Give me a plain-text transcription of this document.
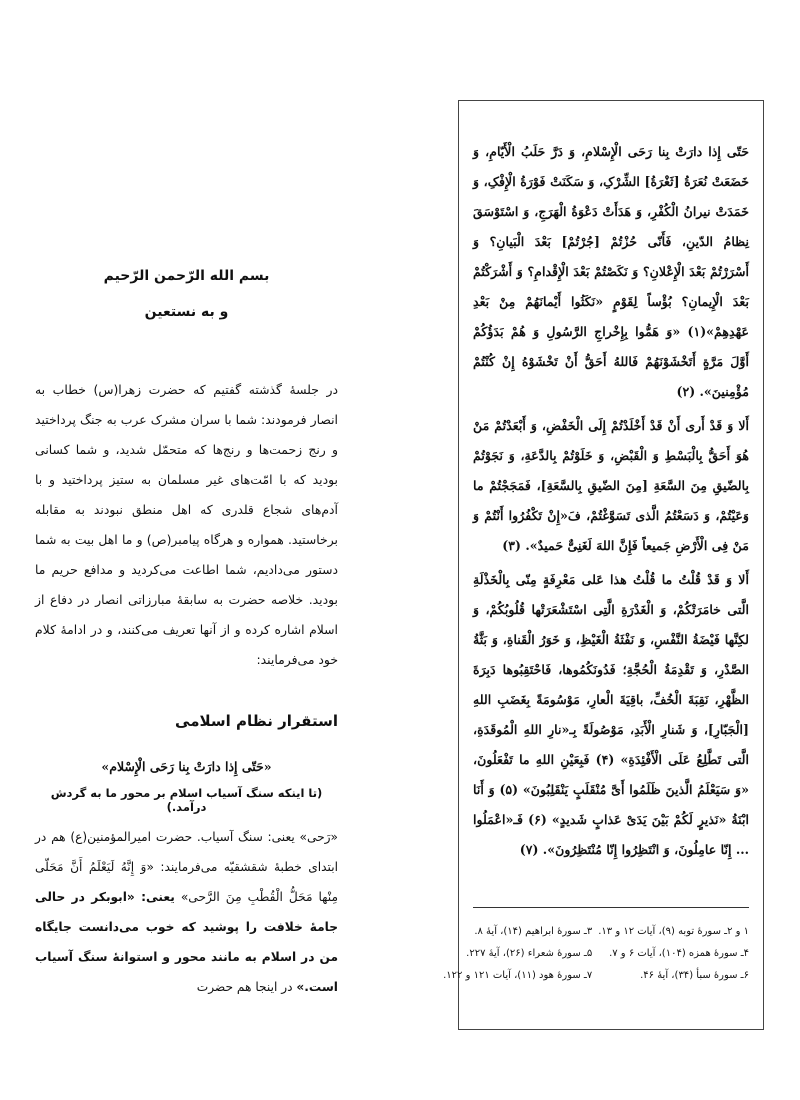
بسم الله الرّحمن الرّحيم
و به نستعين

در جلسهٔ گذشته گفتیم که حضرت زهرا(س) خطاب به انصار فرمودند: شما با سران مشرک عرب به جنگ پرداختید و رنج زحمت‌ها و رنج‌ها که متحمّل شدید، و شما کسانی بودید که با امّت‌های غیر مسلمان به ستیز پرداختید و با آدم‌های شجاع قلدری که اهل منطق نبودند به مقابله برخاستید. همواره و هرگاه پیامبر(ص) و ما اهل بیت به شما دستور می‌دادیم، شما اطاعت می‌کردید و مدافع حریم ما بودید. خلاصه حضرت به سابقهٔ مبارزاتی انصار در دفاع از اسلام اشاره کرده و از آنها تعریف می‌کنند، و در ادامهٔ کلام خود می‌فرمایند:

استقرار نظام اسلامی
«حَتّی إِذا دارَتْ بِنا رَحَی الْإِسْلام»
(تا اینکه سنگ آسیاب اسلام بر محور ما به گردش درآمد.)
«رَحی» یعنی: سنگ آسیاب. حضرت امیرالمؤمنین(ع) هم در ابتدای خطبهٔ شقشقیّه می‌فرمایند: «وَ إِنَّهُ لَیَعْلَمُ أَنَّ مَحَلّی مِنْها مَحَلُّ الْقُطْبِ مِنَ الرَّحی» یعنی: «ابوبکر در حالی جامهٔ خلافت را پوشید که خوب می‌دانست جایگاه من در اسلام به مانند محور و استوانهٔ سنگ آسیاب است.» در اینجا هم حضرت

حَتّی إِذا دارَتْ بِنا رَحَی الْإِسْلامِ، وَ دَرَّ حَلَبُ الْأَیّامِ، وَ خَضَعَتْ نُعَرَةُ [ثَغْرَةُ] الشِّرْکِ، وَ سَکَنَتْ فَوْرَةُ الْإِفْکِ، وَ خَمَدَتْ نیرانُ الْکُفْرِ، وَ هَدَأَتْ دَعْوَةُ الْهَرَجِ، وَ اسْتَوْسَقَ نِظامُ الدّینِ، فَأَنّی حُزْتُمْ [جُرْتُمْ] بَعْدَ الْبَیانِ؟ وَ أَسْرَرْتُمْ بَعْدَ الْإِعْلانِ؟ وَ نَکَصْتُمْ بَعْدَ الْإِقْدامِ؟ وَ أَشْرَکْتُمْ بَعْدَ الْإِیمانِ؟ بُؤْساً لِقَوْمٍ «نَکَثُوا أَیْمانَهُمْ مِنْ بَعْدِ عَهْدِهِمْ»(۱) «وَ هَمُّوا بِإِخْراجِ الرَّسُولِ وَ هُمْ بَدَؤُکُمْ أَوَّلَ مَرَّةٍ أَتَخْشَوْنَهُمْ فَاللهُ أَحَقُّ أَنْ تَخْشَوْهُ إِنْ کُنْتُمْ مُؤْمِنینَ». (۲)

أَلا وَ قَدْ أَری أَنْ قَدْ أَخْلَدْتُمْ إِلَی الْخَفْضِ، وَ أَبْعَدْتُمْ مَنْ هُوَ أَحَقُّ بِالْبَسْطِ وَ الْقَبْضِ، وَ خَلَوْتُمْ بِالدَّعَةِ، وَ نَجَوْتُمْ بِالضّیقِ مِنَ السَّعَةِ [مِنَ الضّیقِ بِالسَّعَةِ]، فَمَجَجْتُمْ ما وَعَیْتُمْ، وَ دَسَعْتُمُ الَّذی تَسَوَّغْتُمْ، فَ«إِنْ تَکْفُرُوا أَنْتُمْ وَ مَنْ فِی الْأَرْضِ جَمیعاً فَإِنَّ اللهَ لَغَنِیٌّ حَمیدٌ». (۳)

أَلا وَ قَدْ قُلْتُ ما قُلْتُ هذا عَلی مَعْرِفَةٍ مِنّی بِالْخَذْلَةِ الَّتی خامَرَتْکُمْ، وَ الْغَدْرَةِ الَّتِی اسْتَشْعَرَتْها قُلُوبُکُمْ، وَ لکِنَّها فَیْضَةُ النَّفْسِ، وَ نَفْثَةُ الْغَیْظِ، وَ خَوَرُ الْقَناةِ، وَ بَثَّةُ الصَّدْرِ، وَ تَقْدِمَةُ الْحُجَّةِ؛ فَدُونَکُمُوها، فَاحْتَقِبُوها دَبِرَةَ الظَّهْرِ، نَقِبَةَ الْخُفِّ، باقِیَةَ الْعارِ، مَوْسُومَةً بِغَضَبِ اللهِ [الْجَبّارِ]، وَ شَنارِ الْأَبَدِ، مَوْصُولَةً بِـ«نارِ اللهِ الْمُوقَدَةِ، الَّتی تَطَّلِعُ عَلَی الْأَفْئِدَةِ» (۴) فَبِعَیْنِ اللهِ ما تَفْعَلُونَ، «وَ سَیَعْلَمُ الَّذینَ ظَلَمُوا أَیَّ مُنْقَلَبٍ یَنْقَلِبُونَ» (۵) وَ أَنَا ابْنَةُ «نَذیرٍ لَکُمْ بَیْنَ یَدَیْ عَذابٍ شَدیدٍ» (۶) فَـ«اعْمَلُوا ... إِنّا عامِلُونَ، وَ انْتَظِرُوا إِنّا مُنْتَظِرُونَ». (۷)

۱ و ۲ـ سورهٔ توبه (۹)، آیات ۱۲ و ۱۳.
۳ـ سورهٔ ابراهیم (۱۴)، آیهٔ ۸.
۴ـ سورهٔ همزه (۱۰۴)، آیات ۶ و ۷.
۵ـ سورهٔ شعراء (۲۶)، آیهٔ ۲۲۷.
۶ـ سورهٔ سبأ (۳۴)، آیهٔ ۴۶.
۷ـ سورهٔ هود (۱۱)، آیات ۱۲۱ و ۱۲۲.
